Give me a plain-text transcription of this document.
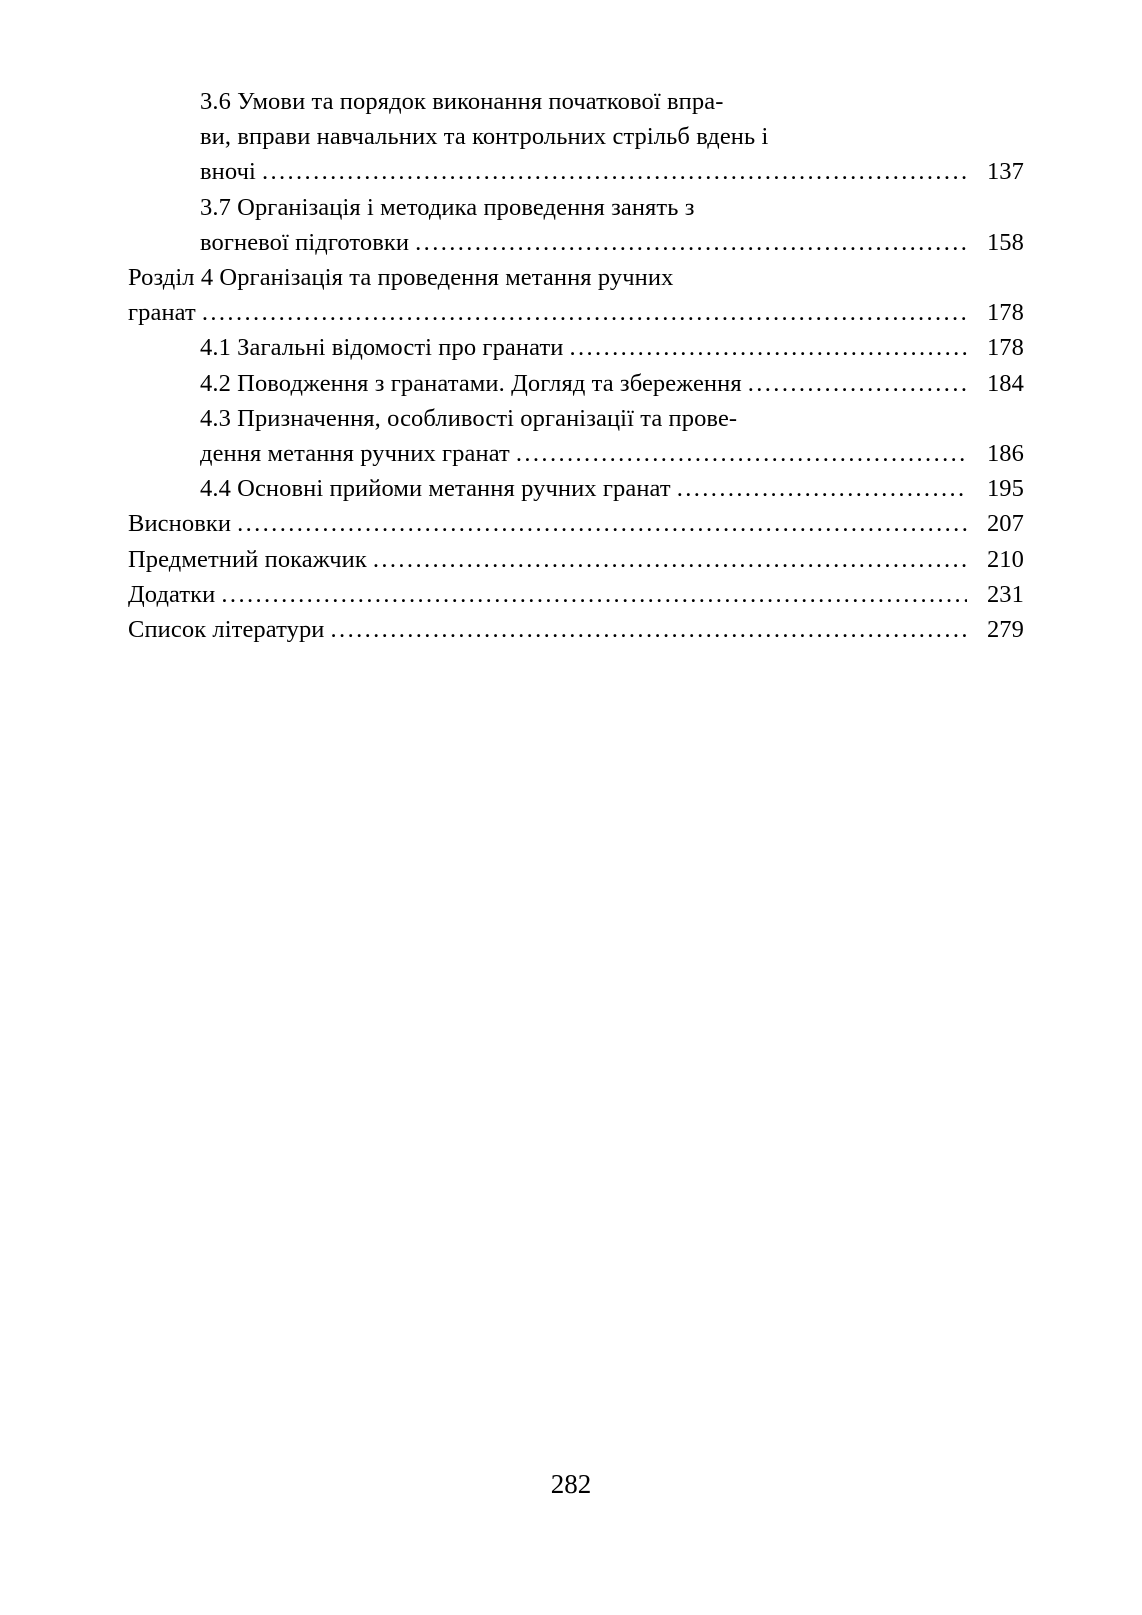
3.6 Умови та порядок виконання початкової впра-
ви, вправи навчальних та контрольних стрільб вдень і
вночі .....	137
3.7 Організація і методика проведення занять з
вогневої підготовки .....	158
Розділ 4 Організація та проведення метання ручних
гранат .....	178
4.1 Загальні відомості про гранати .....	178
4.2 Поводження з гранатами. Догляд та збереження .....	184
4.3 Призначення, особливості організації та прове-
дення метання ручних гранат .....	186
4.4 Основні прийоми метання ручних гранат .....	195
Висновки .....	207
Предметний покажчик .....	210
Додатки .....	231
Список літератури .....	279
282
